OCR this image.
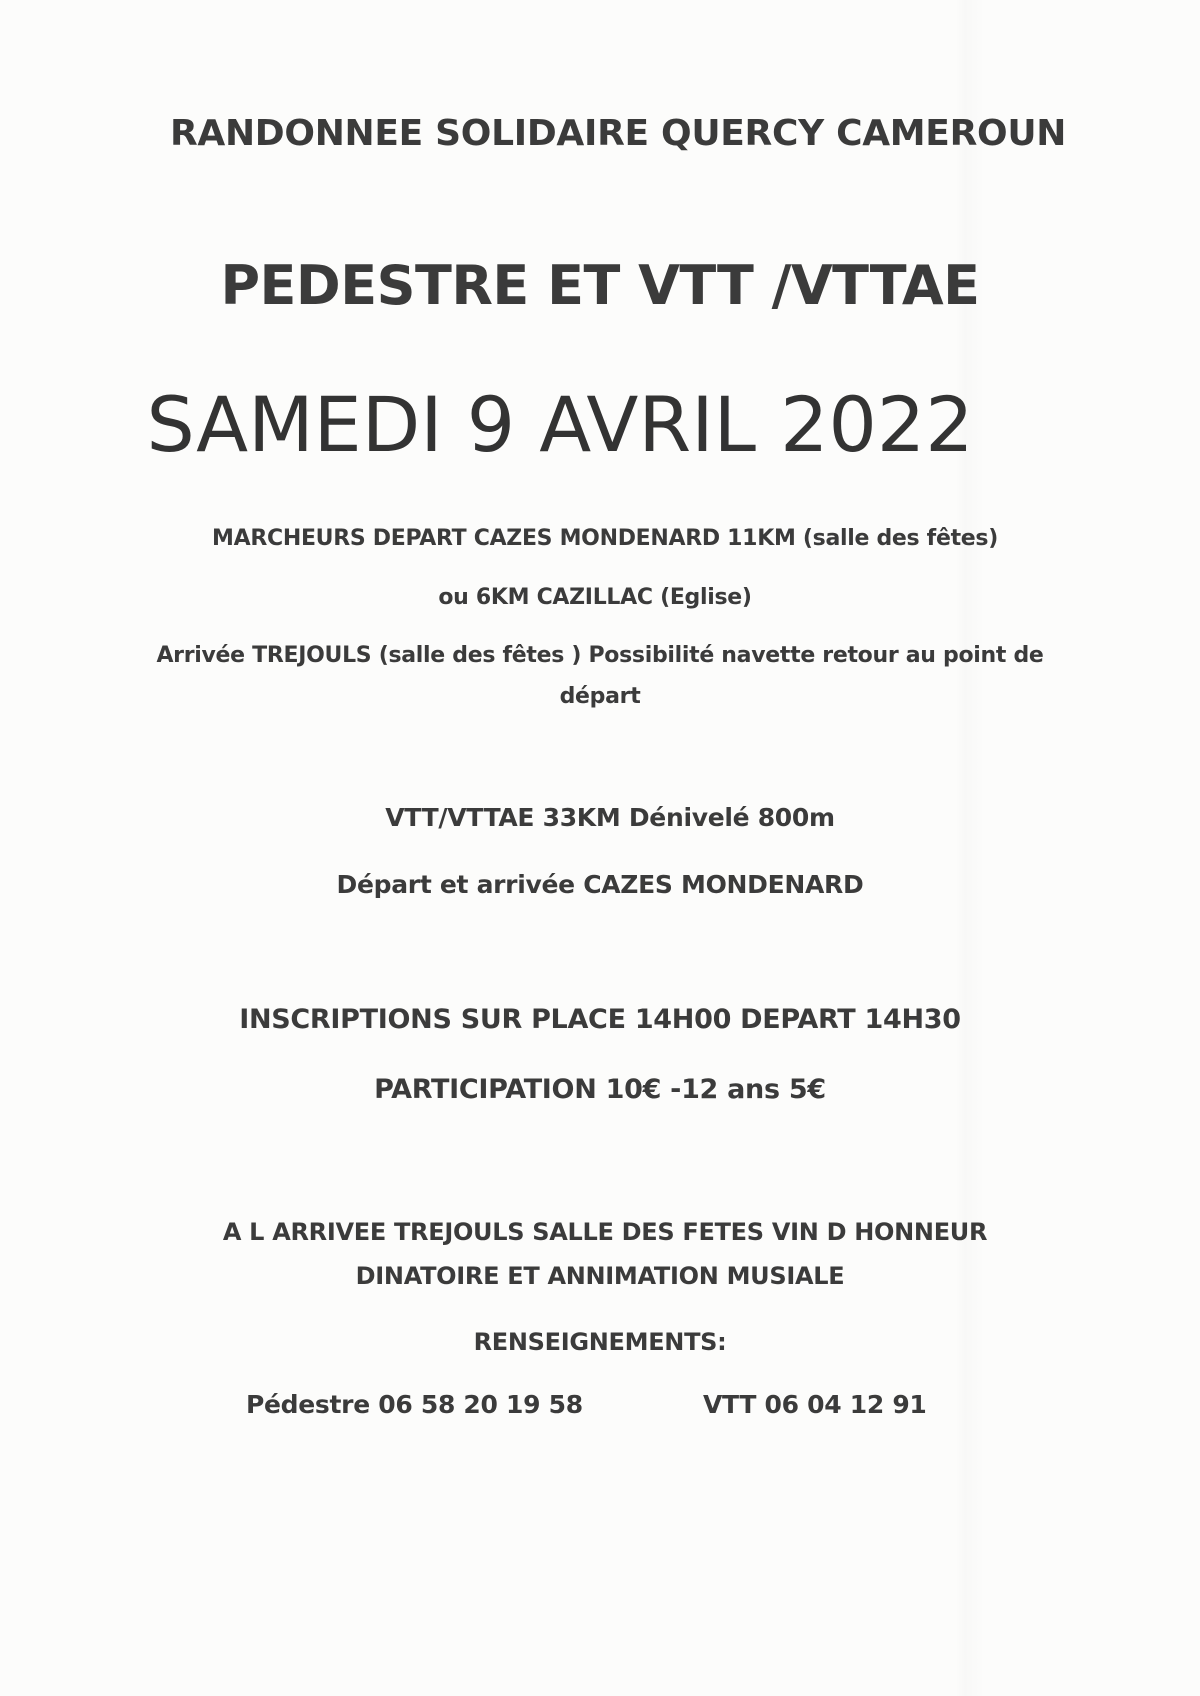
RANDONNEE SOLIDAIRE QUERCY CAMEROUN
PEDESTRE ET VTT /VTTAE
SAMEDI 9 AVRIL 2022
MARCHEURS DEPART CAZES MONDENARD 11KM (salle des fêtes)
ou 6KM CAZILLAC (Eglise)
Arrivée TREJOULS (salle des fêtes ) Possibilité navette retour au point de
départ
VTT/VTTAE 33KM Dénivelé 800m
Départ et arrivée CAZES MONDENARD
INSCRIPTIONS SUR PLACE 14H00 DEPART 14H30
PARTICIPATION 10€ -12 ans 5€
A L ARRIVEE TREJOULS SALLE DES FETES VIN D HONNEUR
DINATOIRE ET ANNIMATION MUSIALE
RENSEIGNEMENTS:
Pédestre 06 58 20 19 58	VTT 06 04 12 91
